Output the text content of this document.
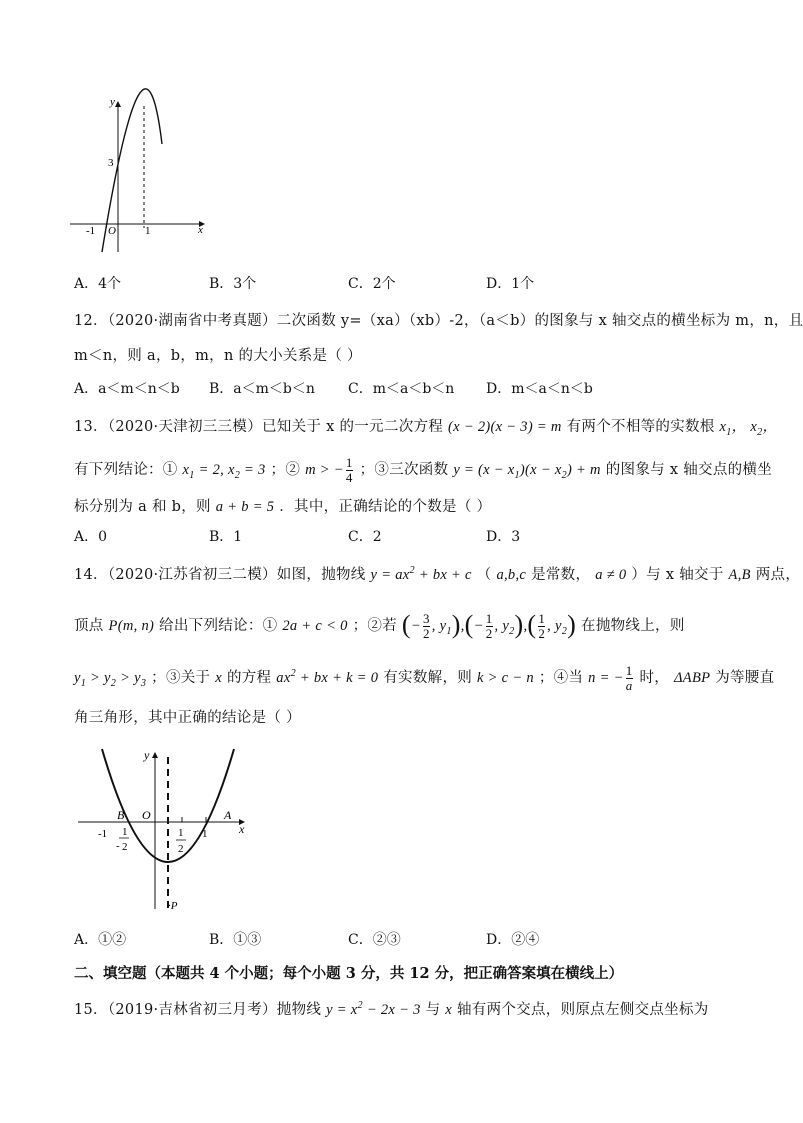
y
x
3
-1 O	1
A．4个	B．3个	C．2个	D．1个
12．（2020·湖南省中考真题）二次函数 y=（xa）（xb）-2，（a＜b）的图象与 x 轴交点的横坐标为 m，n，且
m＜n，则 a，b，m，n 的大小关系是（ ）
A．a＜m＜n＜b B．a＜m＜b＜n C．m＜a＜b＜n D．m＜a＜n＜b
13．（2020·天津初三三模）已知关于 x 的一元二次方程 (x − 2)(x − 3) = m 有两个不相等的实数根 $x_1$， $x_2$，
有下列结论：① $x_1 = 2$, $x_2 = 3$ ；② m > − $\frac{1}{4}$ ；③三次函数 $y = (x - x_1)(x - x_2) + m$ 的图象与 x 轴交点的横坐
标分别为 a 和 b，则 a + b = 5 ．其中，正确结论的个数是（ ）
A．0	B．1	C．2	D．3
14．（2020·江苏省初三二模）如图，抛物线 $y = ax^2$ + bx + c （ a,b,c 是常数， a ≠ 0 ）与 x 轴交于 A,B 两点，
顶点 P(m, n) 给出下列结论：① 2a + c < 0 ；②若 (− $\frac{3}{2}$ , $y_1),(- \frac{1}{2}$ , $y_2),( \frac{1}{2}$ , $y_2$) 在抛物线上，则
$y_1 > y_2 > y_3$ ；③关于 x 的方程 $ax^2$ + bx + k = 0 有实数解，则 k > c − n ；④当 n = − $\frac{1}{a}$ 时， ΔABP 为等腰直
角三角形，其中正确的结论是（ ）
y
x
B O	A
·P
-1	1
1
- 2
1
2
A．①②	B．①③	C．②③	D．②④
二、填空题（本题共 4 个小题；每个小题 3 分，共 12 分，把正确答案填在横线上）
15．（2019·吉林省初三月考）抛物线 $y = x^2 - 2x - 3$ 与 x 轴有两个交点，则原点左侧交点坐标为
